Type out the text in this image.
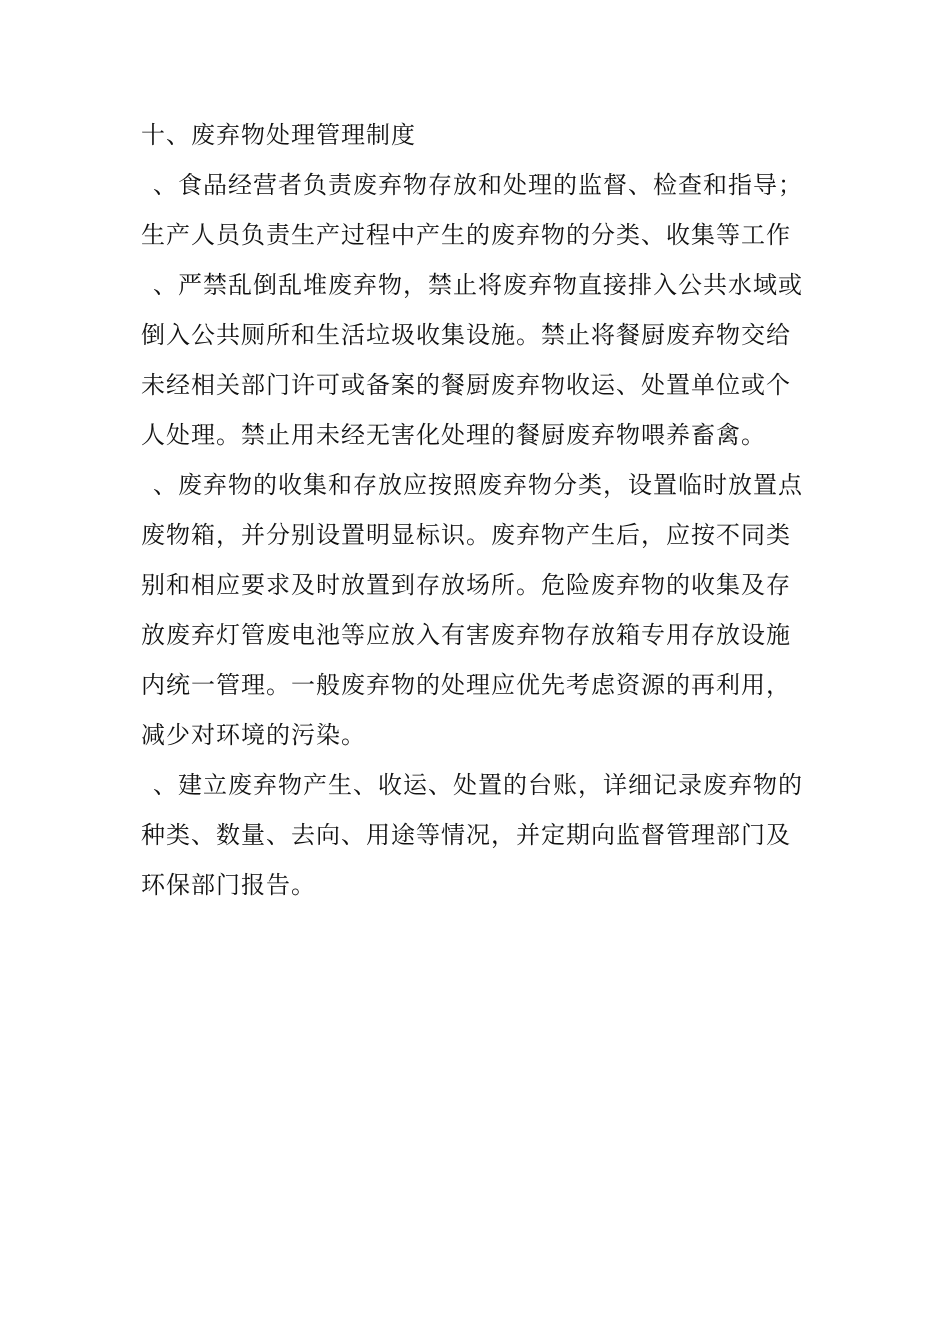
十、废弃物处理管理制度
、食品经营者负责废弃物存放和处理的监督、检查和指导；
生产人员负责生产过程中产生的废弃物的分类、收集等工作
、严禁乱倒乱堆废弃物，禁止将废弃物直接排入公共水域或
倒入公共厕所和生活垃圾收集设施。禁止将餐厨废弃物交给
未经相关部门许可或备案的餐厨废弃物收运、处置单位或个
人处理。禁止用未经无害化处理的餐厨废弃物喂养畜禽。
、废弃物的收集和存放应按照废弃物分类，设置临时放置点
废物箱，并分别设置明显标识。废弃物产生后，应按不同类
别和相应要求及时放置到存放场所。危险废弃物的收集及存
放废弃灯管废电池等应放入有害废弃物存放箱专用存放设施
内统一管理。一般废弃物的处理应优先考虑资源的再利用，
减少对环境的污染。
、建立废弃物产生、收运、处置的台账，详细记录废弃物的
种类、数量、去向、用途等情况，并定期向监督管理部门及
环保部门报告。
